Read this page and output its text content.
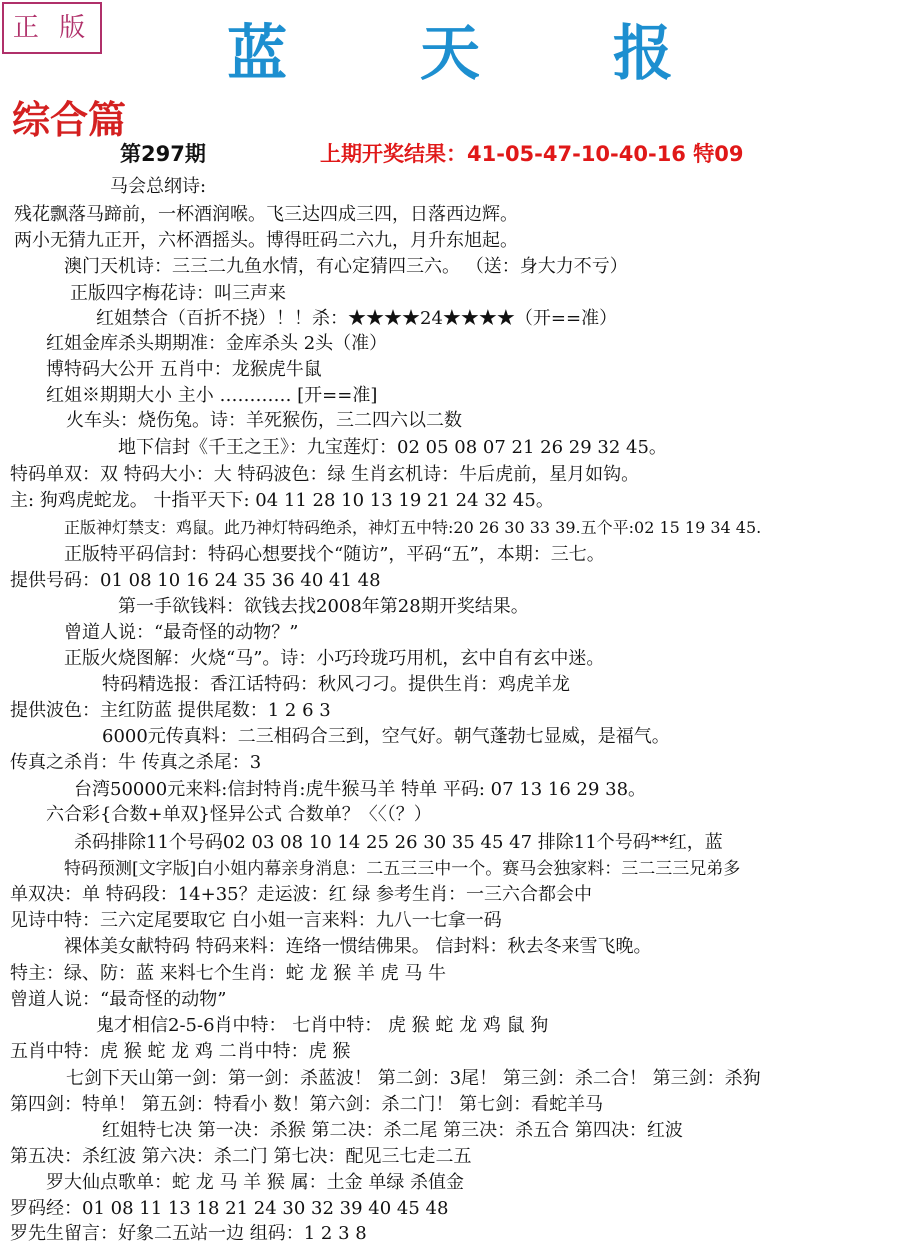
正 版	蓝 天 报
综合篇
第297期	上期开奖结果：41-05-47-10-40-16 特09
马会总纲诗:
残花飘落马蹄前，一杯酒润喉。飞三达四成三四，日落西边辉。
两小无猜九正开，六杯酒摇头。博得旺码二六九，月升东旭起。
澳门天机诗：三三二九鱼水情，有心定猜四三六。 （送：身大力不亏）
正版四字梅花诗：叫三声来
红姐禁合（百折不挠）！！杀：★★★★24★★★★（开==准）
红姐金库杀头期期准：金库杀头 2头（准）
博特码大公开 五肖中：龙猴虎牛鼠
红姐※期期大小 主小 ………… [开==准]
火车头：烧伤兔。诗：羊死猴伤，三二四六以二数
地下信封《千王之王》：九宝莲灯：02 05 08 07 21 26 29 32 45。
特码单双：双 特码大小：大 特码波色：绿 生肖玄机诗：牛后虎前，星月如钩。
主: 狗鸡虎蛇龙。 十指平天下: 04 11 28 10 13 19 21 24 32 45。
正版神灯禁支：鸡鼠。此乃神灯特码绝杀，神灯五中特:20 26 30 33 39.五个平:02 15 19 34 45.
正版特平码信封：特码心想要找个“随访”，平码“五”，本期：三七。
提供号码：01 08 10 16 24 35 36 40 41 48
第一手欲钱料：欲钱去找2008年第28期开奖结果。
曾道人说：“最奇怪的动物？”
正版火烧图解：火烧“马”。诗：小巧玲珑巧用机，玄中自有玄中迷。
特码精选报：香江话特码：秋风刁刁。提供生肖：鸡虎羊龙
提供波色：主红防蓝 提供尾数：1 2 6 3
6000元传真料：二三相码合三到，空气好。朝气蓬勃七显威，是福气。
传真之杀肖：牛 传真之杀尾：3
台湾50000元来料:信封特肖:虎牛猴马羊 特单 平码: 07 13 16 29 38。
六合彩{合数+单双}怪异公式 合数单？〈〈（？）
杀码排除11个号码02 03 08 10 14 25 26 30 35 45 47 排除11个号码**红，蓝
特码预测[文字版]白小姐内幕亲身消息：二五三三中一个。赛马会独家料：三二三三兄弟多
单双决：单 特码段：14+35？走运波：红 绿 参考生肖：一三六合都会中
见诗中特：三六定尾要取它 白小姐一言来料：九八一七拿一码
裸体美女献特码 特码来料：连络一惯结佛果。 信封料：秋去冬来雪飞晚。
特主：绿、防：蓝 来料七个生肖：蛇 龙 猴 羊 虎 马 牛
曾道人说：“最奇怪的动物”
鬼才相信2-5-6肖中特： 七肖中特： 虎 猴 蛇 龙 鸡 鼠 狗
五肖中特：虎 猴 蛇 龙 鸡 二肖中特：虎 猴
七剑下天山第一剑：第一剑：杀蓝波！ 第二剑：3尾！ 第三剑：杀二合！ 第三剑：杀狗
第四剑：特单！ 第五剑：特看小 数！第六剑：杀二门！ 第七剑：看蛇羊马
红姐特七决 第一决：杀猴 第二决：杀二尾 第三决：杀五合 第四决：红波
第五决：杀红波 第六决：杀二门 第七决：配见三七走二五
罗大仙点歌单：蛇 龙 马 羊 猴 属：土金 单绿 杀值金
罗码经：01 08 11 13 18 21 24 30 32 39 40 45 48
罗先生留言：好象二五站一边 组码：1 2 3 8
